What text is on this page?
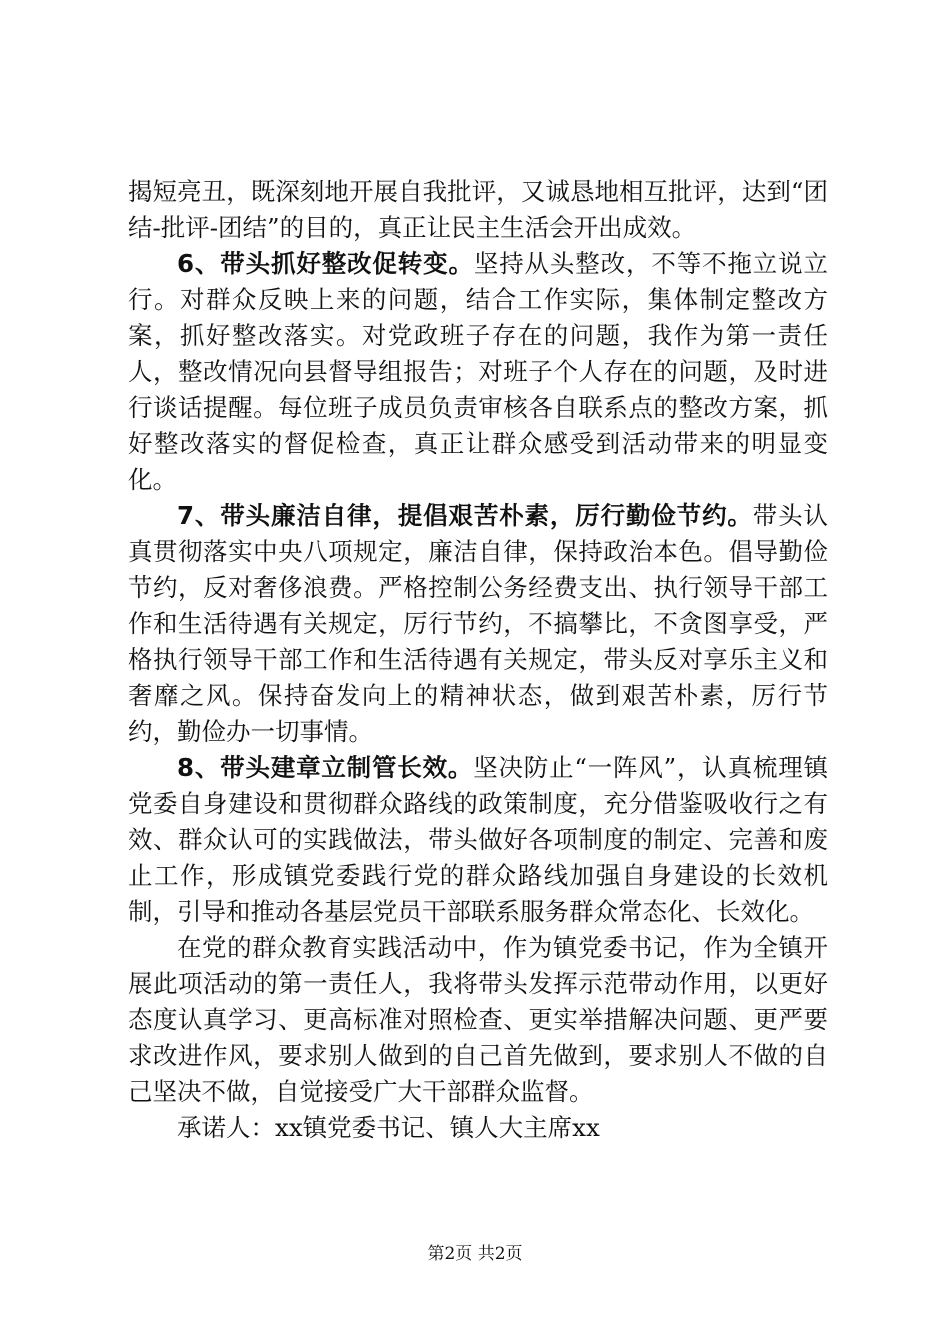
揭短亮丑，既深刻地开展自我批评，又诚恳地相互批评，达到“团结-批评-团结”的目的，真正让民主生活会开出成效。

6、带头抓好整改促转变。坚持从头整改，不等不拖立说立行。对群众反映上来的问题，结合工作实际，集体制定整改方案，抓好整改落实。对党政班子存在的问题，我作为第一责任人，整改情况向县督导组报告；对班子个人存在的问题，及时进行谈话提醒。每位班子成员负责审核各自联系点的整改方案，抓好整改落实的督促检查，真正让群众感受到活动带来的明显变化。

7、带头廉洁自律，提倡艰苦朴素，厉行勤俭节约。带头认真贯彻落实中央八项规定，廉洁自律，保持政治本色。倡导勤俭节约，反对奢侈浪费。严格控制公务经费支出、执行领导干部工作和生活待遇有关规定，厉行节约，不搞攀比，不贪图享受，严格执行领导干部工作和生活待遇有关规定，带头反对享乐主义和奢靡之风。保持奋发向上的精神状态，做到艰苦朴素，厉行节约，勤俭办一切事情。

8、带头建章立制管长效。坚决防止“一阵风”，认真梳理镇党委自身建设和贯彻群众路线的政策制度，充分借鉴吸收行之有效、群众认可的实践做法，带头做好各项制度的制定、完善和废止工作，形成镇党委践行党的群众路线加强自身建设的长效机制，引导和推动各基层党员干部联系服务群众常态化、长效化。

在党的群众教育实践活动中，作为镇党委书记，作为全镇开展此项活动的第一责任人，我将带头发挥示范带动作用，以更好态度认真学习、更高标准对照检查、更实举措解决问题、更严要求改进作风，要求别人做到的自己首先做到，要求别人不做的自己坚决不做，自觉接受广大干部群众监督。

承诺人：xx镇党委书记、镇人大主席xx

第2页 共2页
